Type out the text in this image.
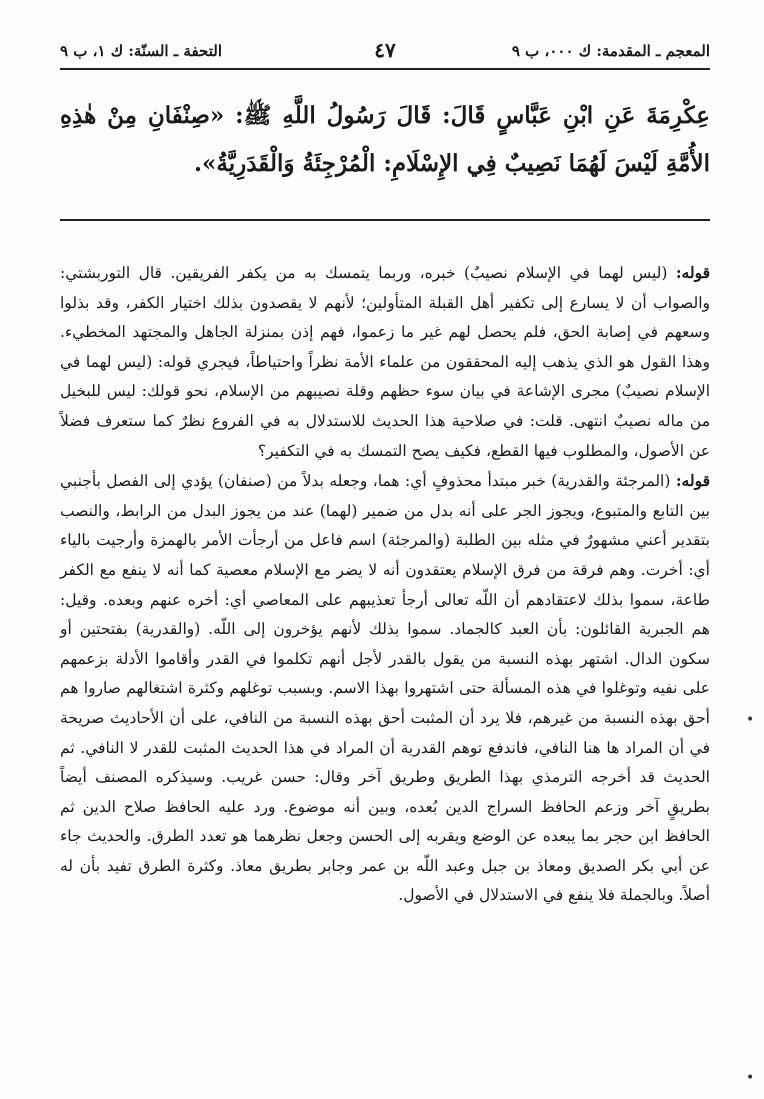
المعجم ـ المقدمة: ك ٠٠٠، ب ٩
٤٧
التحفة ـ السنّة: ك ١، ب ٩
عِكْرِمَةَ عَنِ ابْنِ عَبَّاسٍ قَالَ: قَالَ رَسُولُ اللَّهِ ﷺ: «صِنْفَانِ مِنْ هٰذِهِ الأُمَّةِ لَيْسَ لَهُمَا نَصِيبٌ فِي الإِسْلَامِ: الْمُرْجِئَةُ وَالْقَدَرِيَّةُ».

قوله: (ليس لهما في الإسلام نصيبٌ) خبره، وربما يتمسك به من يكفر الفريقين. قال التوربشتي: والصواب أن لا يسارع إلى تكفير أهل القبلة المتأولين؛ لأنهم لا يقصدون بذلك اختيار الكفر، وقد بذلوا وسعهم في إصابة الحق، فلم يحصل لهم غير ما زعموا، فهم إذن بمنزلة الجاهل والمجتهد المخطيء. وهذا القول هو الذي يذهب إليه المحققون من علماء الأمة نظراً واحتياطاً، فيجري قوله: (ليس لهما في الإسلام نصيبٌ) مجرى الإشاعة في بيان سوء حظهم وقلة نصيبهم من الإسلام، نحو قولك: ليس للبخيل من ماله نصيبٌ انتهى. قلت: في صلاحية هذا الحديث للاستدلال به في الفروع نظرٌ كما ستعرف فضلاً عن الأصول، والمطلوب فيها القطع، فكيف يصح التمسك به في التكفير؟

قوله: (المرجئة والقدرية) خبر مبتدأ محذوفٍ أي: هما، وجعله بدلاً من (صنفان) يؤدي إلى الفصل بأجنبي بين التابع والمتبوع، ويجوز الجر على أنه بدل من ضمير (لهما) عند من يجوز البدل من الرابط، والنصب بتقدير أعني مشهورٌ في مثله بين الطلبة (والمرجئة) اسم فاعل من أرجأت الأمر بالهمزة وأرجيت بالياء أي: أخرت. وهم فرقة من فرق الإسلام يعتقدون أنه لا يضر مع الإسلام معصية كما أنه لا ينفع مع الكفر طاعة، سموا بذلك لاعتقادهم أن اللّه تعالى أرجأ تعذيبهم على المعاصي أي: أخره عنهم وبعده. وقيل: هم الجبرية القائلون: بأن العبد كالجماد. سموا بذلك لأنهم يؤخرون إلى اللّه. (والقدرية) بفتحتين أو سكون الدال. اشتهر بهذه النسبة من يقول بالقدر لأجل أنهم تكلموا في القدر وأقاموا الأدلة بزعمهم على نفيه وتوغلوا في هذه المسألة حتى اشتهروا بهذا الاسم. وبسبب توغلهم وكثرة اشتغالهم صاروا هم أحق بهذه النسبة من غيرهم، فلا يرد أن المثبت أحق بهذه النسبة من النافي، على أن الأحاديث صريحة في أن المراد ها هنا النافي، فاندفع توهم القدرية أن المراد في هذا الحديث المثبت للقدر لا النافي. ثم الحديث قد أخرجه الترمذي بهذا الطريق وطريق آخر وقال: حسن غريب. وسيذكره المصنف أيضاً بطريقٍ آخر وزعم الحافظ السراج الدين بُعده، وبين أنه موضوع. ورد عليه الحافظ صلاح الدين ثم الحافظ ابن حجر بما يبعده عن الوضع ويقربه إلى الحسن وجعل نظرهما هو تعدد الطرق. والحديث جاء عن أبي بكر الصديق ومعاذ بن جبل وعبد اللّه بن عمر وجابر بطريق معاذ. وكثرة الطرق تفيد بأن له أصلاً. وبالجملة فلا ينفع في الاستدلال في الأصول.

•
•
